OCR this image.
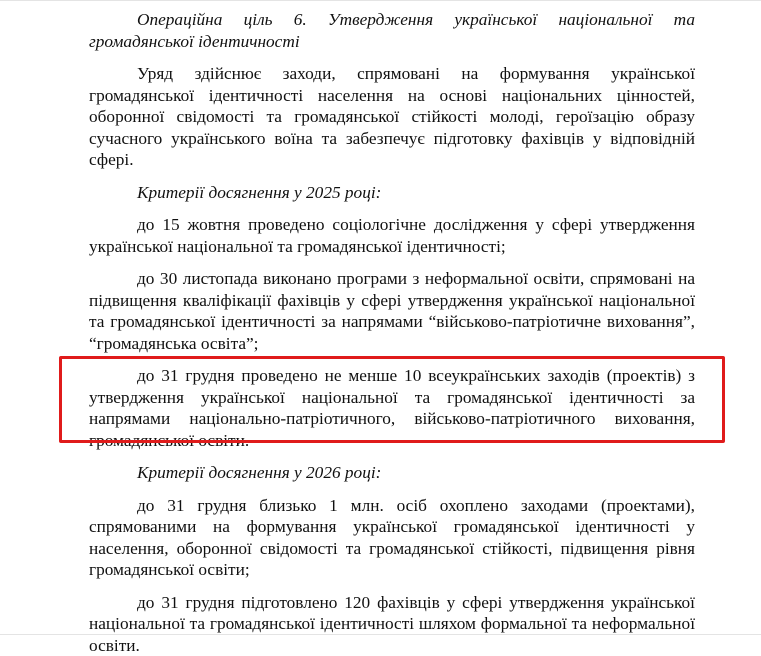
Операційна ціль 6. Утвердження української національної та громадянської ідентичності

Уряд здійснює заходи, спрямовані на формування української громадянської ідентичності населення на основі національних цінностей, оборонної свідомості та громадянської стійкості молоді, героїзацію образу сучасного українського воїна та забезпечує підготовку фахівців у відповідній сфері.

Критерії досягнення у 2025 році:

до 15 жовтня проведено соціологічне дослідження у сфері утвердження української національної та громадянської ідентичності;

до 30 листопада виконано програми з неформальної освіти, спрямовані на підвищення кваліфікації фахівців у сфері утвердження української національної та громадянської ідентичності за напрямами “військово-патріотичне виховання”, “громадянська освіта”;

до 31 грудня проведено не менше 10 всеукраїнських заходів (проектів) з утвердження української національної та громадянської ідентичності за напрямами національно-патріотичного, військово-патріотичного виховання, громадянської освіти.

Критерії досягнення у 2026 році:

до 31 грудня близько 1 млн. осіб охоплено заходами (проектами), спрямованими на формування української громадянської ідентичності у населення, оборонної свідомості та громадянської стійкості, підвищення рівня громадянської освіти;

до 31 грудня підготовлено 120 фахівців у сфері утвердження української національної та громадянської ідентичності шляхом формальної та неформальної освіти.
